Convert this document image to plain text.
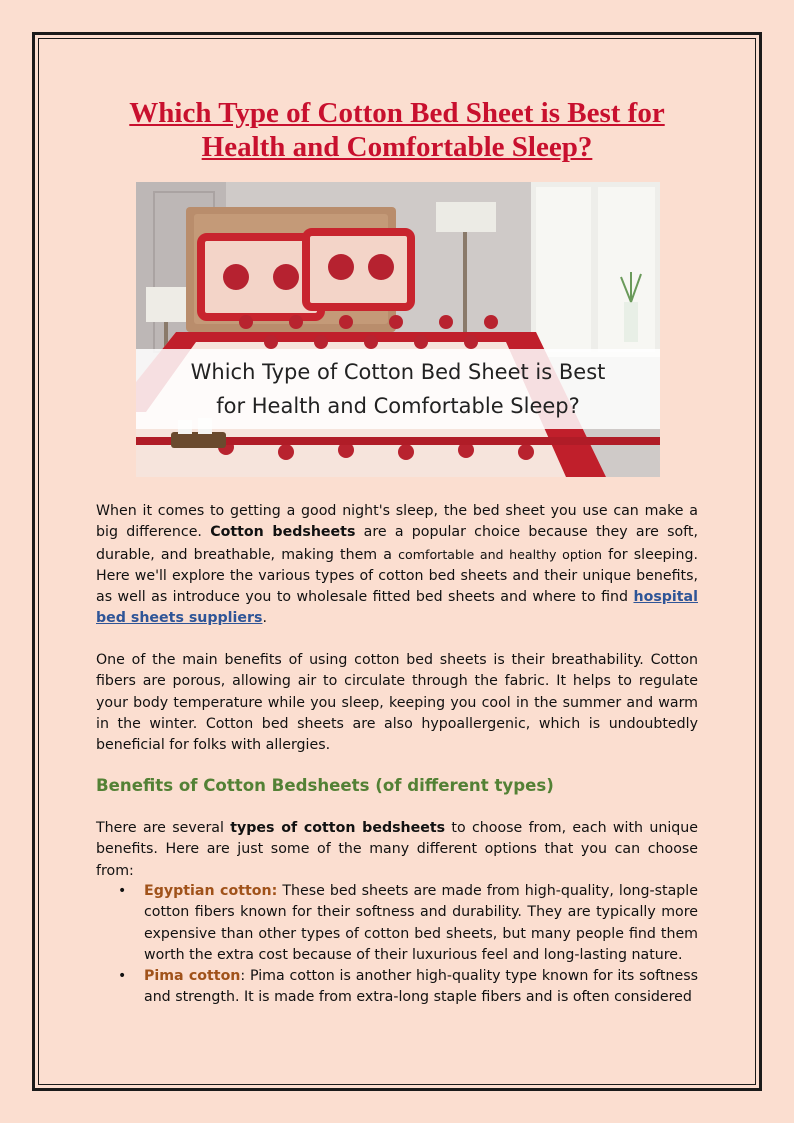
Which Type of Cotton Bed Sheet is Best for
Health and Comfortable Sleep?
Which Type of Cotton Bed Sheet is Best
for Health and Comfortable Sleep?

When it comes to getting a good night's sleep, the bed sheet you use can make a big difference. Cotton bedsheets are a popular choice because they are soft, durable, and breathable, making them a comfortable and healthy option for sleeping. Here we'll explore the various types of cotton bed sheets and their unique benefits, as well as introduce you to wholesale fitted bed sheets and where to find hospital bed sheets suppliers.

One of the main benefits of using cotton bed sheets is their breathability. Cotton fibers are porous, allowing air to circulate through the fabric. It helps to regulate your body temperature while you sleep, keeping you cool in the summer and warm in the winter. Cotton bed sheets are also hypoallergenic, which is undoubtedly beneficial for folks with allergies.

Benefits of Cotton Bedsheets (of different types)

There are several types of cotton bedsheets to choose from, each with unique benefits. Here are just some of the many different options that you can choose from:

• Egyptian cotton: These bed sheets are made from high-quality, long-staple cotton fibers known for their softness and durability. They are typically more expensive than other types of cotton bed sheets, but many people find them worth the extra cost because of their luxurious feel and long-lasting nature.
• Pima cotton: Pima cotton is another high-quality type known for its softness and strength. It is made from extra-long staple fibers and is often considered
